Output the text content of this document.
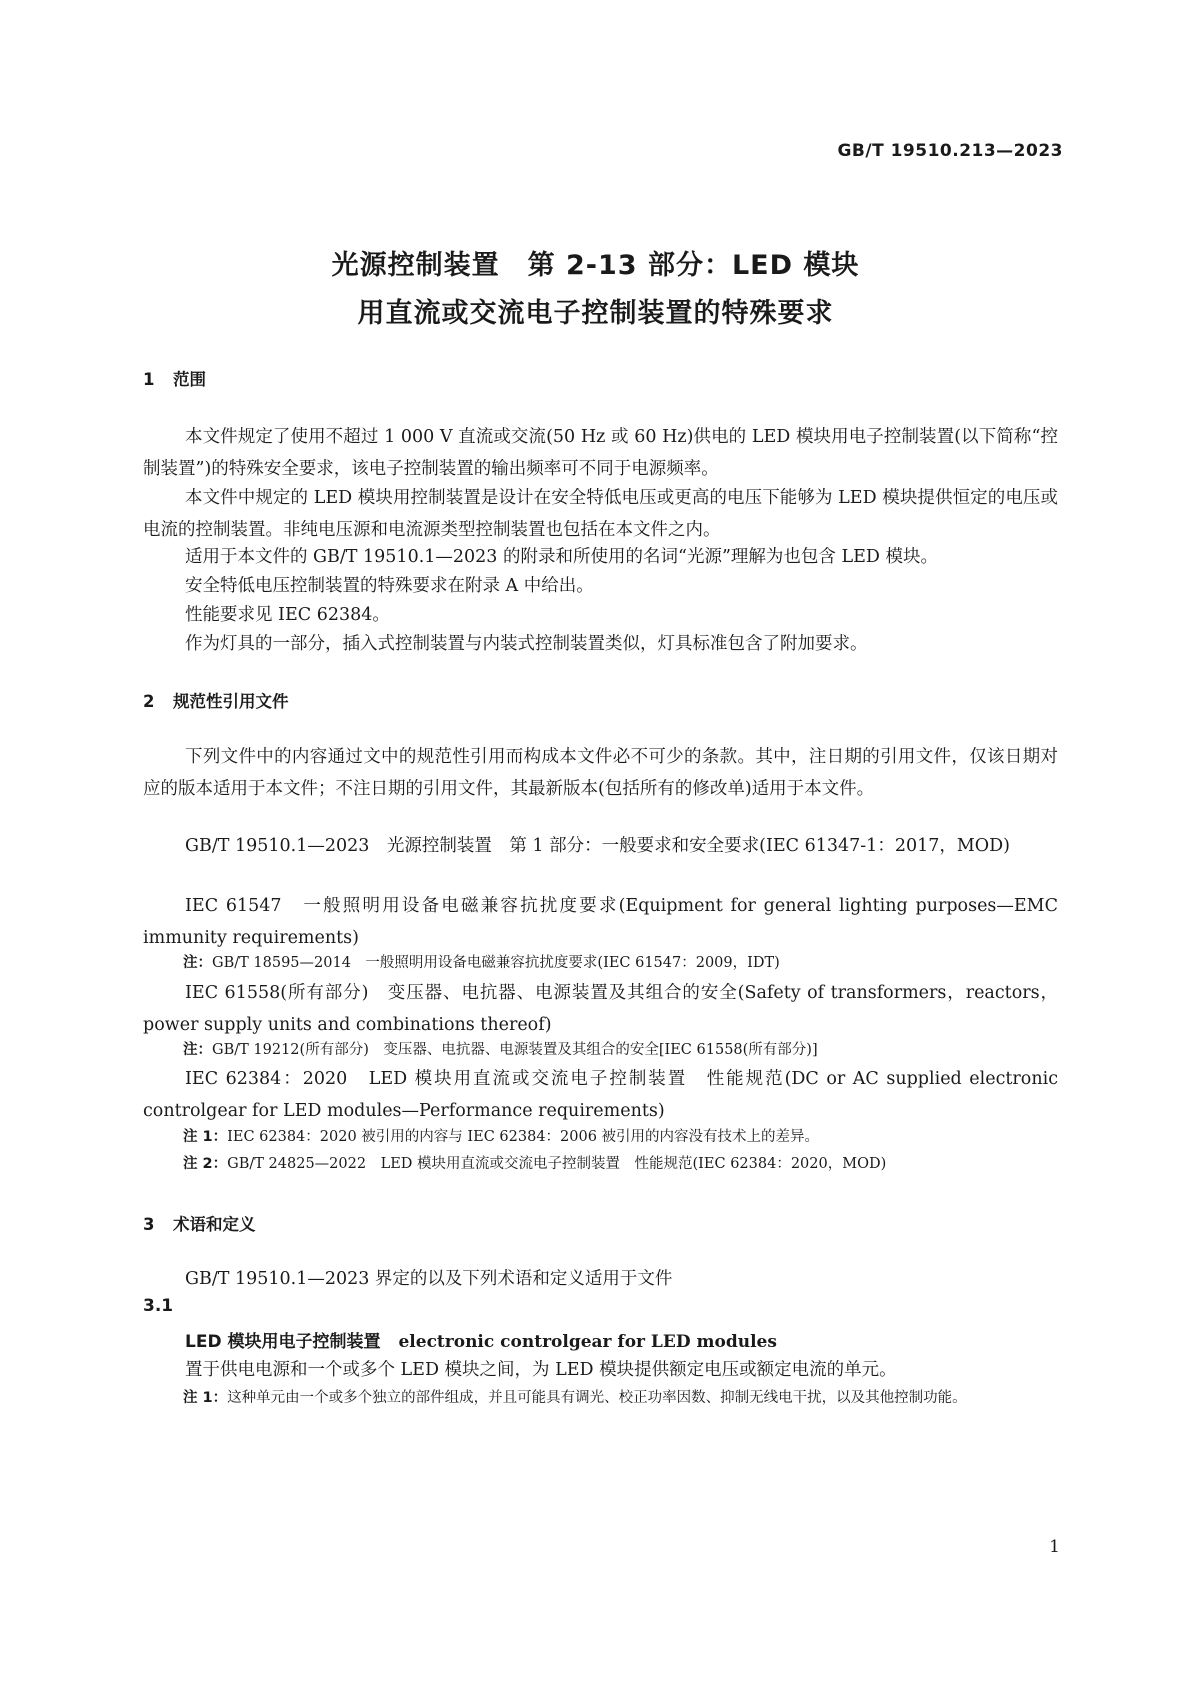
GB/T 19510.213—2023
光源控制装置　第 2-13 部分：LED 模块
用直流或交流电子控制装置的特殊要求
1 范围
本文件规定了使用不超过 1 000 V 直流或交流(50 Hz 或 60 Hz)供电的 LED 模块用电子控制装置(以下简称“控制装置”)的特殊安全要求，该电子控制装置的输出频率可不同于电源频率。
本文件中规定的 LED 模块用控制装置是设计在安全特低电压或更高的电压下能够为 LED 模块提供恒定的电压或电流的控制装置。非纯电压源和电流源类型控制装置也包括在本文件之内。
适用于本文件的 GB/T 19510.1—2023 的附录和所使用的名词“光源”理解为也包含 LED 模块。
安全特低电压控制装置的特殊要求在附录 A 中给出。
性能要求见 IEC 62384。
作为灯具的一部分，插入式控制装置与内装式控制装置类似，灯具标准包含了附加要求。
2 规范性引用文件
下列文件中的内容通过文中的规范性引用而构成本文件必不可少的条款。其中，注日期的引用文件，仅该日期对应的版本适用于本文件；不注日期的引用文件，其最新版本(包括所有的修改单)适用于本文件。
GB/T 19510.1—2023　光源控制装置　第 1 部分：一般要求和安全要求(IEC 61347-1：2017，MOD)
IEC 61547　一般照明用设备电磁兼容抗扰度要求(Equipment for general lighting purposes—EMC immunity requirements)
注：GB/T 18595—2014　一般照明用设备电磁兼容抗扰度要求(IEC 61547：2009，IDT)
IEC 61558(所有部分)　变压器、电抗器、电源装置及其组合的安全(Safety of transformers，reactors，power supply units and combinations thereof)
注：GB/T 19212(所有部分)　变压器、电抗器、电源装置及其组合的安全[IEC 61558(所有部分)]
IEC 62384：2020　LED 模块用直流或交流电子控制装置　性能规范(DC or AC supplied electronic controlgear for LED modules—Performance requirements)
注 1：IEC 62384：2020 被引用的内容与 IEC 62384：2006 被引用的内容没有技术上的差异。
注 2：GB/T 24825—2022　LED 模块用直流或交流电子控制装置　性能规范(IEC 62384：2020，MOD)
3 术语和定义
GB/T 19510.1—2023 界定的以及下列术语和定义适用于文件
3.1
LED 模块用电子控制装置 electronic controlgear for LED modules
置于供电电源和一个或多个 LED 模块之间，为 LED 模块提供额定电压或额定电流的单元。
注 1：这种单元由一个或多个独立的部件组成，并且可能具有调光、校正功率因数、抑制无线电干扰，以及其他控制功能。
1
